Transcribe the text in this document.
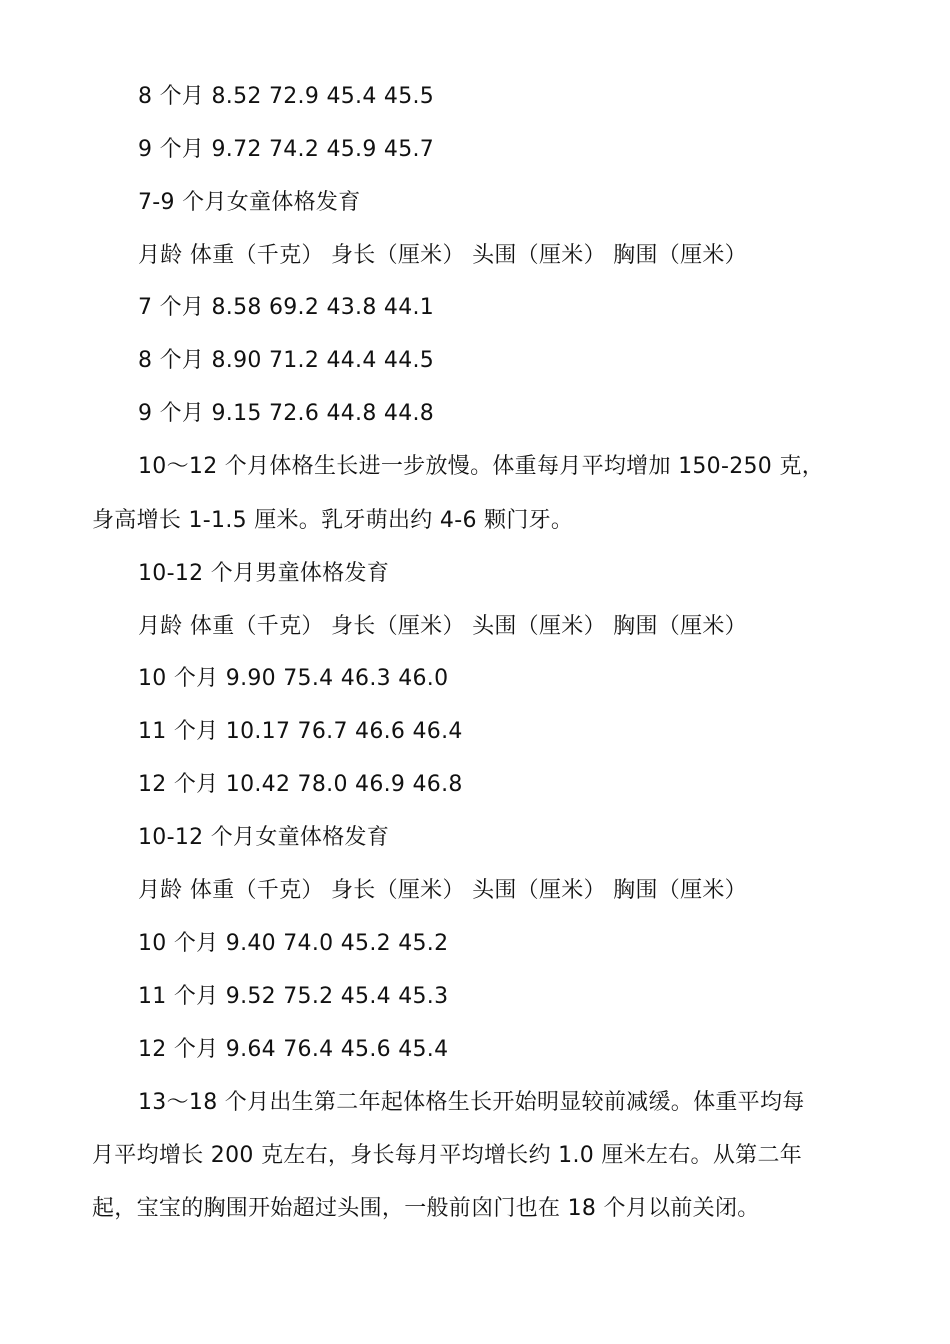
8 个月 8.52 72.9 45.4 45.5
9 个月 9.72 74.2 45.9 45.7
7-9 个月女童体格发育
月龄 体重（千克） 身长（厘米） 头围（厘米） 胸围（厘米）
7 个月 8.58 69.2 43.8 44.1
8 个月 8.90 71.2 44.4 44.5
9 个月 9.15 72.6 44.8 44.8
10～12 个月体格生长进一步放慢。体重每月平均增加 150-250 克，
身高增长 1-1.5 厘米。乳牙萌出约 4-6 颗门牙。
10-12 个月男童体格发育
月龄 体重（千克） 身长（厘米） 头围（厘米） 胸围（厘米）
10 个月 9.90 75.4 46.3 46.0
11 个月 10.17 76.7 46.6 46.4
12 个月 10.42 78.0 46.9 46.8
10-12 个月女童体格发育
月龄 体重（千克） 身长（厘米） 头围（厘米） 胸围（厘米）
10 个月 9.40 74.0 45.2 45.2
11 个月 9.52 75.2 45.4 45.3
12 个月 9.64 76.4 45.6 45.4
13～18 个月出生第二年起体格生长开始明显较前减缓。体重平均每
月平均增长 200 克左右，身长每月平均增长约 1.0 厘米左右。从第二年
起，宝宝的胸围开始超过头围，一般前囟门也在 18 个月以前关闭。
